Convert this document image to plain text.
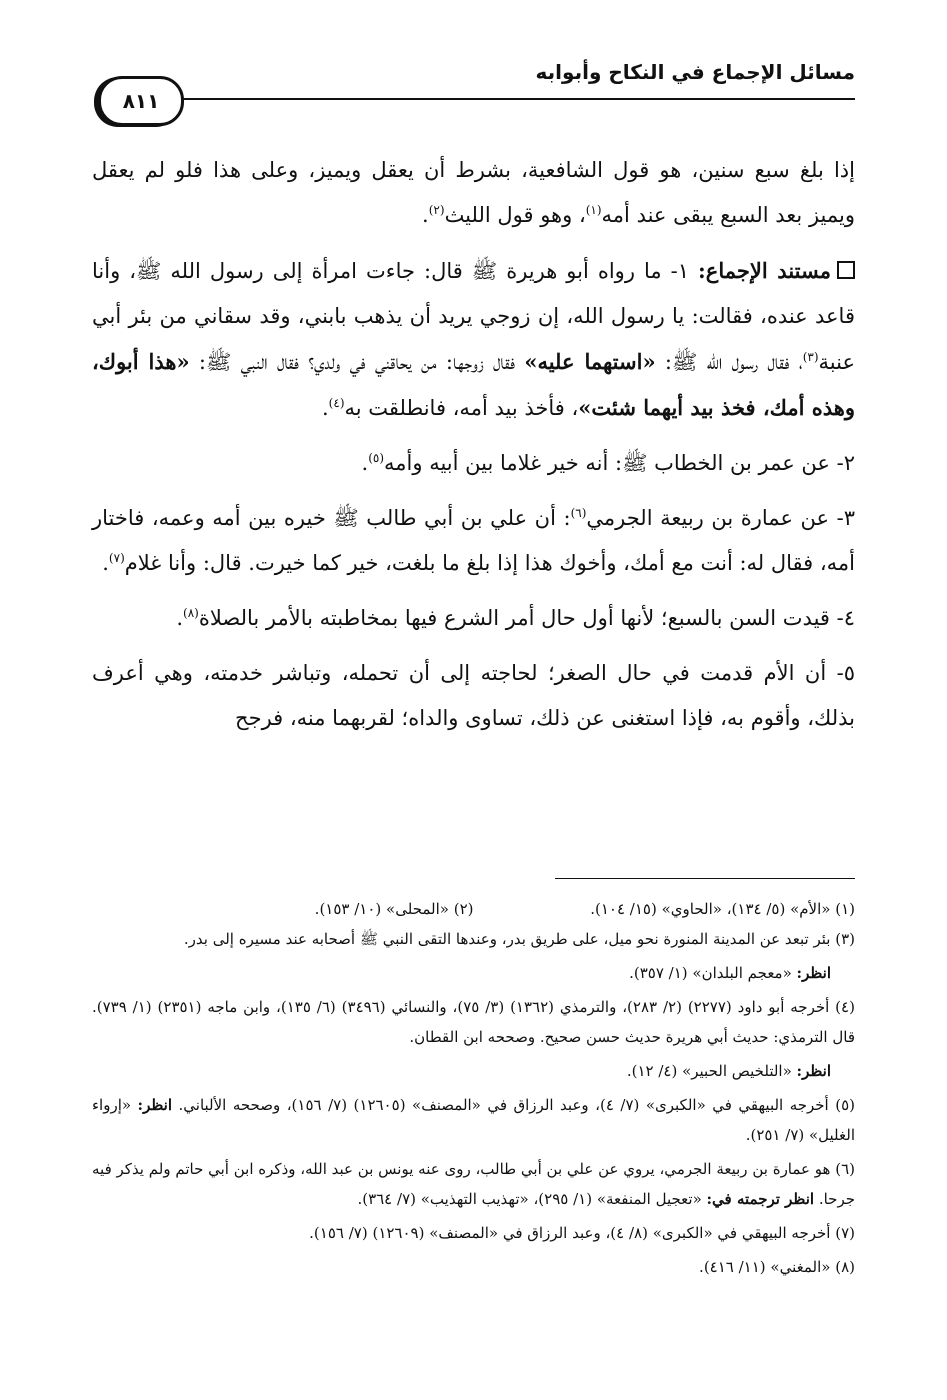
مسائل الإجماع في النكاح وأبوابه
٨١١

إذا بلغ سبع سنين، هو قول الشافعية، بشرط أن يعقل ويميز، وعلى هذا فلو لم يعقل ويميز بعد السبع يبقى عند أمه$^{(١)}$، وهو قول الليث$^{(٢)}$.

مستند الإجماع: ١- ما رواه أبو هريرة ﷺ قال: جاءت امرأة إلى رسول الله ﷺ، وأنا قاعد عنده، فقالت: يا رسول الله، إن زوجي يريد أن يذهب بابني، وقد سقاني من بئر أبي عنبة$^{(٣)}$، فقال رسول الله ﷺ: «استهما عليه» فقال زوجها: من يحاقني في ولدي؟ فقال النبي ﷺ: «هذا أبوك، وهذه أمك، فخذ بيد أيهما شئت»، فأخذ بيد أمه، فانطلقت به$^{(٤)}$.

٢- عن عمر بن الخطاب ﷺ: أنه خير غلاما بين أبيه وأمه$^{(٥)}$.

٣- عن عمارة بن ربيعة الجرمي$^{(٦)}$: أن علي بن أبي طالب ﷺ خيره بين أمه وعمه، فاختار أمه، فقال له: أنت مع أمك، وأخوك هذا إذا بلغ ما بلغت، خير كما خيرت. قال: وأنا غلام$^{(٧)}$.

٤- قيدت السن بالسبع؛ لأنها أول حال أمر الشرع فيها بمخاطبته بالأمر بالصلاة$^{(٨)}$.

٥- أن الأم قدمت في حال الصغر؛ لحاجته إلى أن تحمله، وتباشر خدمته، وهي أعرف بذلك، وأقوم به، فإذا استغنى عن ذلك، تساوى والداه؛ لقربهما منه، فرجح

(١) «الأم» (٥/ ١٣٤)، «الحاوي» (١٥/ ١٠٤).
(٢) «المحلى» (١٠/ ١٥٣).

(٣) بئر تبعد عن المدينة المنورة نحو ميل، على طريق بدر، وعندها التقى النبي ﷺ أصحابه عند مسيره إلى بدر.

انظر: «معجم البلدان» (١/ ٣٥٧).

(٤) أخرجه أبو داود (٢٢٧٧) (٢/ ٢٨٣)، والترمذي (١٣٦٢) (٣/ ٧٥)، والنسائي (٣٤٩٦) (٦/ ١٣٥)، وابن ماجه (٢٣٥١) (١/ ٧٣٩). قال الترمذي: حديث أبي هريرة حديث حسن صحيح. وصححه ابن القطان.

انظر: «التلخيص الحبير» (٤/ ١٢).

(٥) أخرجه البيهقي في «الكبرى» (٧/ ٤)، وعبد الرزاق في «المصنف» (١٢٦٠٥) (٧/ ١٥٦)، وصححه الألباني. انظر: «إرواء الغليل» (٧/ ٢٥١).

(٦) هو عمارة بن ربيعة الجرمي، يروي عن علي بن أبي طالب، روى عنه يونس بن عبد الله، وذكره ابن أبي حاتم ولم يذكر فيه جرحا. انظر ترجمته في: «تعجيل المنفعة» (١/ ٢٩٥)، «تهذيب التهذيب» (٧/ ٣٦٤).

(٧) أخرجه البيهقي في «الكبرى» (٨/ ٤)، وعبد الرزاق في «المصنف» (١٢٦٠٩) (٧/ ١٥٦).

(٨) «المغني» (١١/ ٤١٦).
